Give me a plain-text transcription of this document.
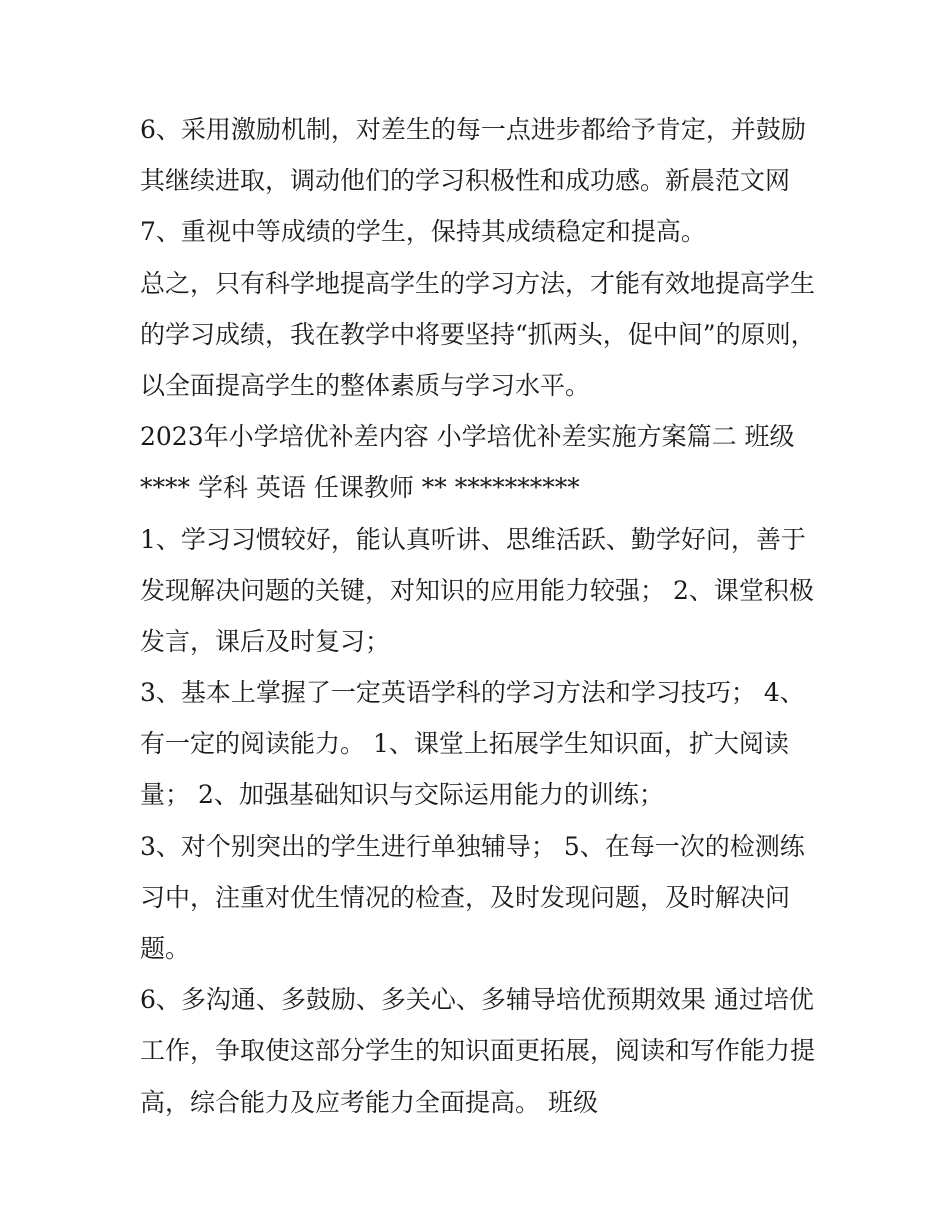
6、采用激励机制，对差生的每一点进步都给予肯定，并鼓励
其继续进取，调动他们的学习积极性和成功感。新晨范文网
7、重视中等成绩的学生，保持其成绩稳定和提高。
总之，只有科学地提高学生的学习方法，才能有效地提高学生
的学习成绩，我在教学中将要坚持“抓两头，促中间”的原则，
以全面提高学生的整体素质与学习水平。
2023年小学培优补差内容 小学培优补差实施方案篇二 班级
**** 学科 英语 任课教师 ** **********
1、学习习惯较好，能认真听讲、思维活跃、勤学好问，善于
发现解决问题的关键，对知识的应用能力较强； 2、课堂积极
发言，课后及时复习；
3、基本上掌握了一定英语学科的学习方法和学习技巧； 4、
有一定的阅读能力。 1、课堂上拓展学生知识面，扩大阅读
量； 2、加强基础知识与交际运用能力的训练；
3、对个别突出的学生进行单独辅导； 5、在每一次的检测练
习中，注重对优生情况的检查，及时发现问题，及时解决问
题。
6、多沟通、多鼓励、多关心、多辅导培优预期效果 通过培优
工作，争取使这部分学生的知识面更拓展，阅读和写作能力提
高，综合能力及应考能力全面提高。 班级
